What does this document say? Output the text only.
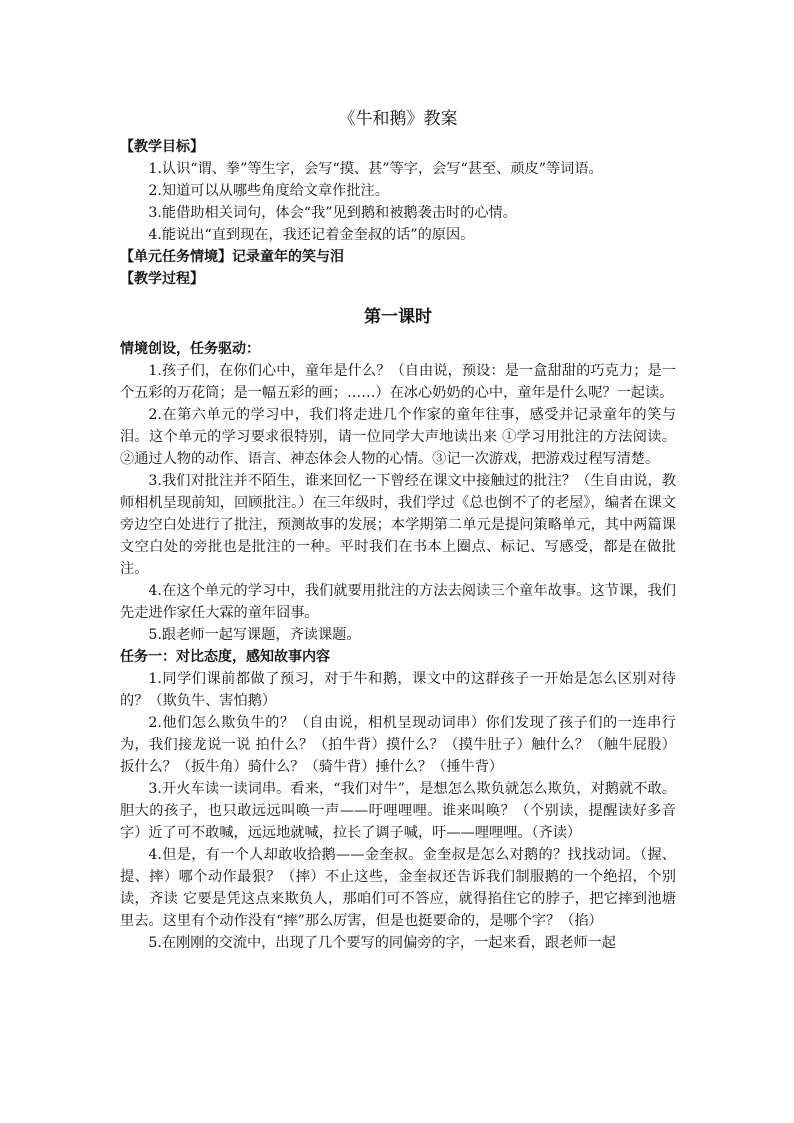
《牛和鹅》教案

【教学目标】

1.认识“谓、拳”等生字，会写“摸、甚”等字，会写“甚至、顽皮”等词语。

2.知道可以从哪些角度给文章作批注。

3.能借助相关词句，体会“我”见到鹅和被鹅袭击时的心情。

4.能说出“直到现在，我还记着金奎叔的话”的原因。

【单元任务情境】记录童年的笑与泪

【教学过程】

第一课时

情境创设，任务驱动：

1.孩子们，在你们心中，童年是什么？（自由说，预设：是一盒甜甜的巧克力；是一个五彩的万花筒；是一幅五彩的画；……）在冰心奶奶的心中，童年是什么呢？一起读。

2.在第六单元的学习中，我们将走进几个作家的童年往事，感受并记录童年的笑与泪。这个单元的学习要求很特别，请一位同学大声地读出来 ①学习用批注的方法阅读。②通过人物的动作、语言、神态体会人物的心情。③记一次游戏，把游戏过程写清楚。

3.我们对批注并不陌生，谁来回忆一下曾经在课文中接触过的批注？（生自由说，教师相机呈现前知，回顾批注。）在三年级时，我们学过《总也倒不了的老屋》，编者在课文旁边空白处进行了批注，预测故事的发展；本学期第二单元是提问策略单元，其中两篇课文空白处的旁批也是批注的一种。平时我们在书本上圈点、标记、写感受，都是在做批注。

4.在这个单元的学习中，我们就要用批注的方法去阅读三个童年故事。这节课，我们先走进作家任大霖的童年囧事。

5.跟老师一起写课题，齐读课题。

任务一：对比态度，感知故事内容

1.同学们课前都做了预习，对于牛和鹅，课文中的这群孩子一开始是怎么区别对待的？（欺负牛、害怕鹅）

2.他们怎么欺负牛的？（自由说，相机呈现动词串）你们发现了孩子们的一连串行为，我们接龙说一说 拍什么？（拍牛背）摸什么？（摸牛肚子）触什么？（触牛屁股）扳什么？（扳牛角）骑什么？（骑牛背）捶什么？（捶牛背）

3.开火车读一读词串。看来，“我们对牛”，是想怎么欺负就怎么欺负，对鹅就不敢。胆大的孩子，也只敢远远叫唤一声——吁哩哩哩。谁来叫唤？（个别读，提醒读好多音字）近了可不敢喊，远远地就喊，拉长了调子喊，吁——哩哩哩。（齐读）

4.但是，有一个人却敢收拾鹅——金奎叔。金奎叔是怎么对鹅的？找找动词。（握、提、摔）哪个动作最狠？（摔）不止这些，金奎叔还告诉我们制服鹅的一个绝招，个别读，齐读 它要是凭这点来欺负人，那咱们可不答应，就得掐住它的脖子，把它摔到池塘里去。这里有个动作没有“摔”那么厉害，但是也挺要命的，是哪个字？（掐）

5.在刚刚的交流中，出现了几个要写的同偏旁的字，一起来看，跟老师一起
